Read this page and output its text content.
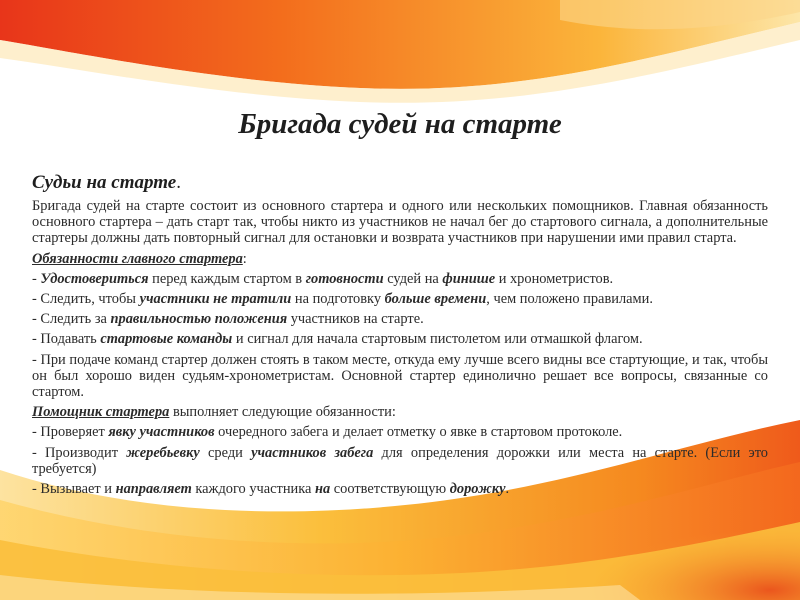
Бригада судей на старте
Судьи на старте.

Бригада судей на старте состоит из основного стартера и одного или нескольких помощников. Главная обязанность основного стартера – дать старт так, чтобы никто из участников не начал бег до стартового сигнала, а дополнительные стартеры должны дать повторный сигнал для остановки и возврата участников при нарушении ими правил старта.

Обязанности главного стартера:

- Удостовериться перед каждым стартом в готовности судей на финише и хронометристов.

- Следить, чтобы участники не тратили на подготовку больше времени, чем положено правилами.

- Следить за правильностью положения участников на старте.

- Подавать стартовые команды и сигнал для начала стартовым пистолетом или отмашкой флагом.

- При подаче команд стартер должен стоять в таком месте, откуда ему лучше всего видны все стартующие, и так, чтобы он был хорошо виден судьям-хронометристам. Основной стартер единолично решает все вопросы, связанные со стартом.

Помощник стартера выполняет следующие обязанности:

- Проверяет явку участников очередного забега и делает отметку о явке в стартовом протоколе.

- Производит жеребьевку среди участников забега для определения дорожки или места на старте. (Если это требуется)

- Вызывает и направляет каждого участника на соответствующую дорожку.
